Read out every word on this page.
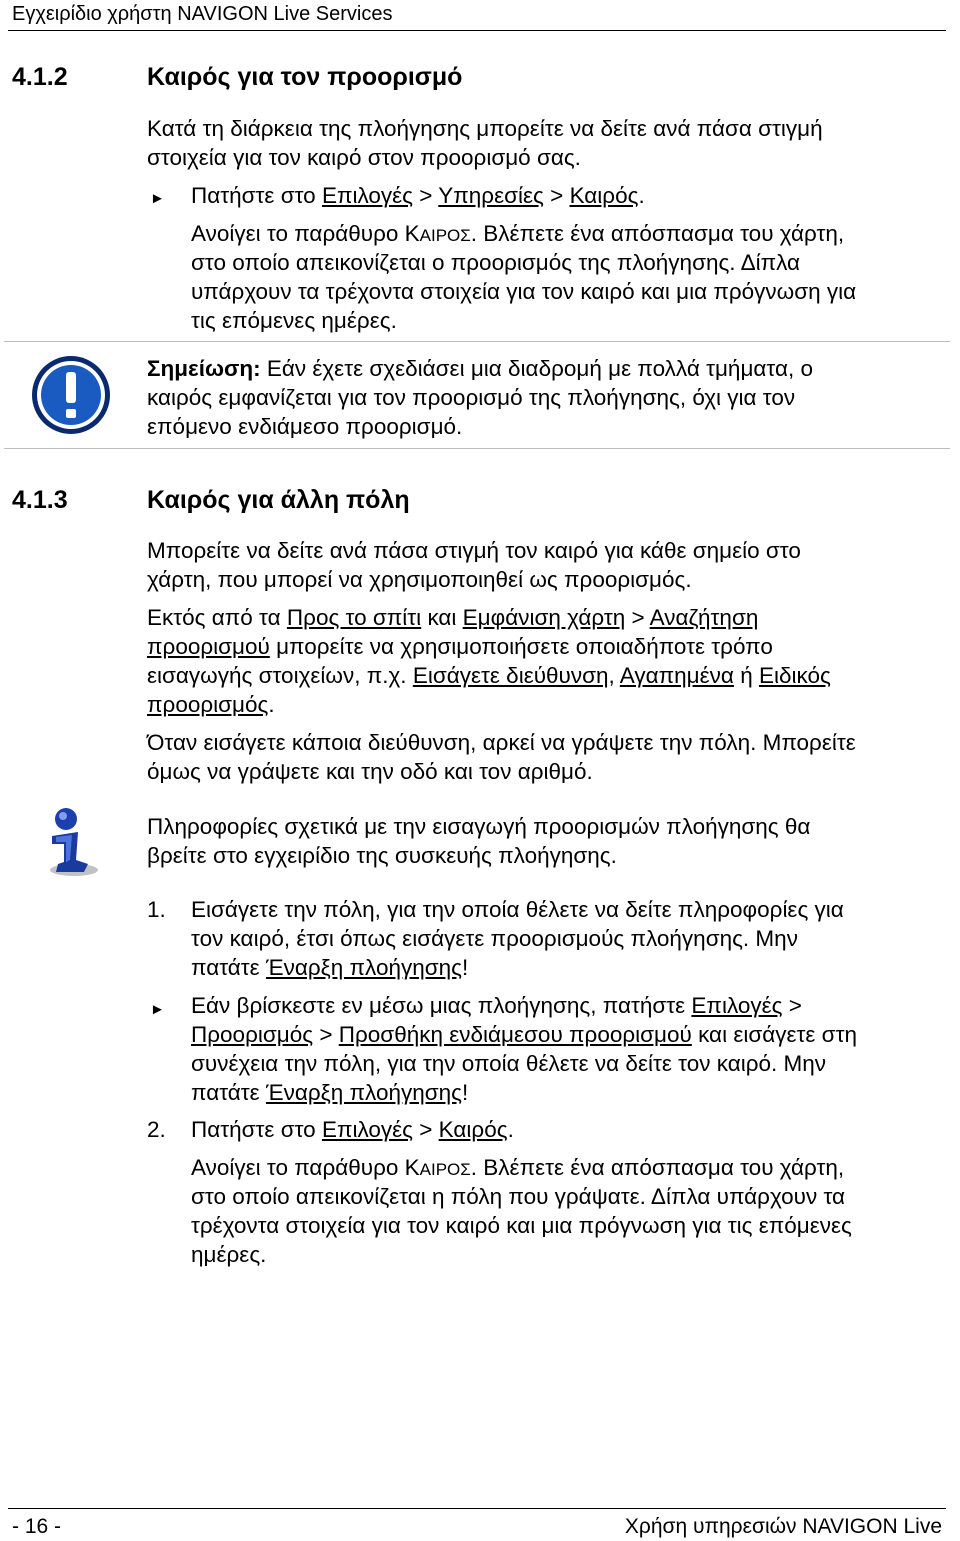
Εγχειρίδιο χρήστη NAVIGON Live Services
4.1.2	Καιρός για τον προορισμό
Κατά τη διάρκεια της πλοήγησης μπορείτε να δείτε ανά πάσα στιγμή
στοιχεία για τον καιρό στον προορισμό σας.
► Πατήστε στο Επιλογές > Υπηρεσίες > Καιρός.
Ανοίγει το παράθυρο ΚΑΙΡΟΣ. Βλέπετε ένα απόσπασμα του χάρτη,
στο οποίο απεικονίζεται ο προορισμός της πλοήγησης. Δίπλα
υπάρχουν τα τρέχοντα στοιχεία για τον καιρό και μια πρόγνωση για
τις επόμενες ημέρες.
Σημείωση: Εάν έχετε σχεδιάσει μια διαδρομή με πολλά τμήματα, ο
καιρός εμφανίζεται για τον προορισμό της πλοήγησης, όχι για τον
επόμενο ενδιάμεσο προορισμό.
4.1.3	Καιρός για άλλη πόλη
Μπορείτε να δείτε ανά πάσα στιγμή τον καιρό για κάθε σημείο στο
χάρτη, που μπορεί να χρησιμοποιηθεί ως προορισμός.
Εκτός από τα Προς το σπίτι και Εμφάνιση χάρτη > Αναζήτηση
προορισμού μπορείτε να χρησιμοποιήσετε οποιαδήποτε τρόπο
εισαγωγής στοιχείων, π.χ. Εισάγετε διεύθυνση, Αγαπημένα ή Ειδικός
προορισμός.
Όταν εισάγετε κάποια διεύθυνση, αρκεί να γράψετε την πόλη. Μπορείτε
όμως να γράψετε και την οδό και τον αριθμό.
Πληροφορίες σχετικά με την εισαγωγή προορισμών πλοήγησης θα
βρείτε στο εγχειρίδιο της συσκευής πλοήγησης.
1. Εισάγετε την πόλη, για την οποία θέλετε να δείτε πληροφορίες για
τον καιρό, έτσι όπως εισάγετε προορισμούς πλοήγησης. Μην
πατάτε Έναρξη πλοήγησης!
► Εάν βρίσκεστε εν μέσω μιας πλοήγησης, πατήστε Επιλογές >
Προορισμός > Προσθήκη ενδιάμεσου προορισμού και εισάγετε στη
συνέχεια την πόλη, για την οποία θέλετε να δείτε τον καιρό. Μην
πατάτε Έναρξη πλοήγησης!
2. Πατήστε στο Επιλογές > Καιρός.
Ανοίγει το παράθυρο ΚΑΙΡΟΣ. Βλέπετε ένα απόσπασμα του χάρτη,
στο οποίο απεικονίζεται η πόλη που γράψατε. Δίπλα υπάρχουν τα
τρέχοντα στοιχεία για τον καιρό και μια πρόγνωση για τις επόμενες
ημέρες.
- 16 -	Χρήση υπηρεσιών NAVIGON Live
